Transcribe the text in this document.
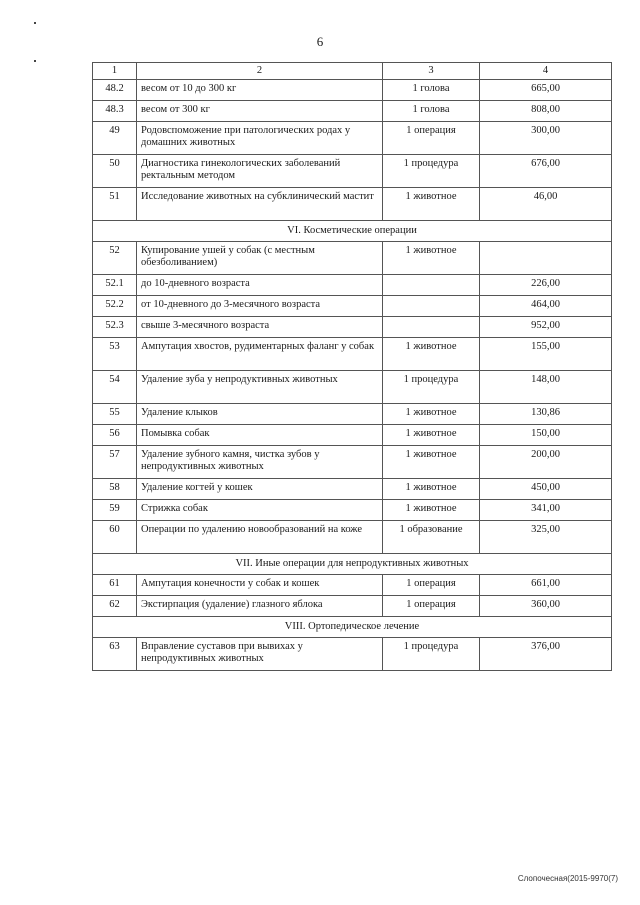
6
1	2	3	4
48.2	весом от 10 до 300 кг	1 голова	665,00
48.3	весом от 300 кг	1 голова	808,00
49	Родовспоможение при патологических родах у домашних животных	1 операция	300,00
50	Диагностика гинекологических заболеваний ректальным методом	1 процедура	676,00
51	Исследование животных на субклинический мастит	1 животное	46,00
VI. Косметические операции			
52	Купирование ушей у собак (с местным обезболиванием)	1 животное	
52.1	до 10-дневного возраста		226,00
52.2	от 10-дневного до 3-месячного возраста		464,00
52.3	свыше 3-месячного возраста		952,00
53	Ампутация хвостов, рудиментарных фаланг у собак	1 животное	155,00
54	Удаление зуба у непродуктивных животных	1 процедура	148,00
55	Удаление клыков	1 животное	130,86
56	Помывка собак	1 животное	150,00
57	Удаление зубного камня, чистка зубов у непродуктивных животных	1 животное	200,00
58	Удаление когтей у кошек	1 животное	450,00
59	Стрижка собак	1 животное	341,00
60	Операции по удалению новообразований на коже	1 образование	325,00
VII. Иные операции для непродуктивных животных			
61	Ампутация конечности у собак и кошек	1 операция	661,00
62	Экстирпация (удаление) глазного яблока	1 операция	360,00
VIII. Ортопедическое лечение			
63	Вправление суставов при вывихах у непродуктивных животных	1 процедура	376,00
Cлопочесная(2015-9970(7)
